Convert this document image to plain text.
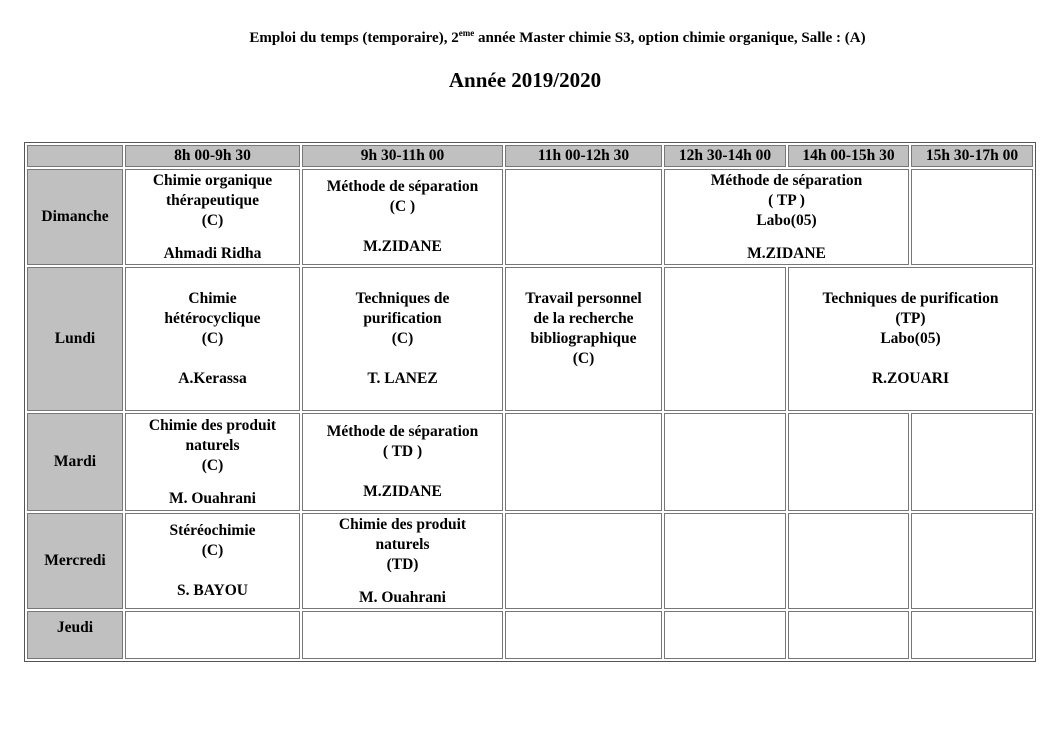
Emploi du temps (temporaire), 2eme année Master chimie S3, option chimie organique, Salle : (A)
Année 2019/2020
	8h 00-9h 30	9h 30-11h 00	11h 00-12h 30	12h 30-14h 00	14h 00-15h 30	15h 30-17h 00
Dimanche	Chimie organique
thérapeutique
(C)
Ahmadi Ridha	Méthode de séparation
(C )
M.ZIDANE		Méthode de séparation
( TP )
Labo(05)
M.ZIDANE		

Lundi	Chimie
hétérocyclique
(C)
A.Kerassa	Techniques de
purification
(C)
T. LANEZ	Travail personnel
de la recherche
bibliographique
(C)		Techniques de purification
(TP)
Labo(05)
R.ZOUARI	

Mardi	Chimie des produit
naturels
(C)
M. Ouahrani	Méthode de séparation
( TD )
M.ZIDANE				

Mercredi	Stéréochimie
(C)
S. BAYOU	Chimie des produit
naturels
(TD)
M. Ouahrani				

Jeudi						
